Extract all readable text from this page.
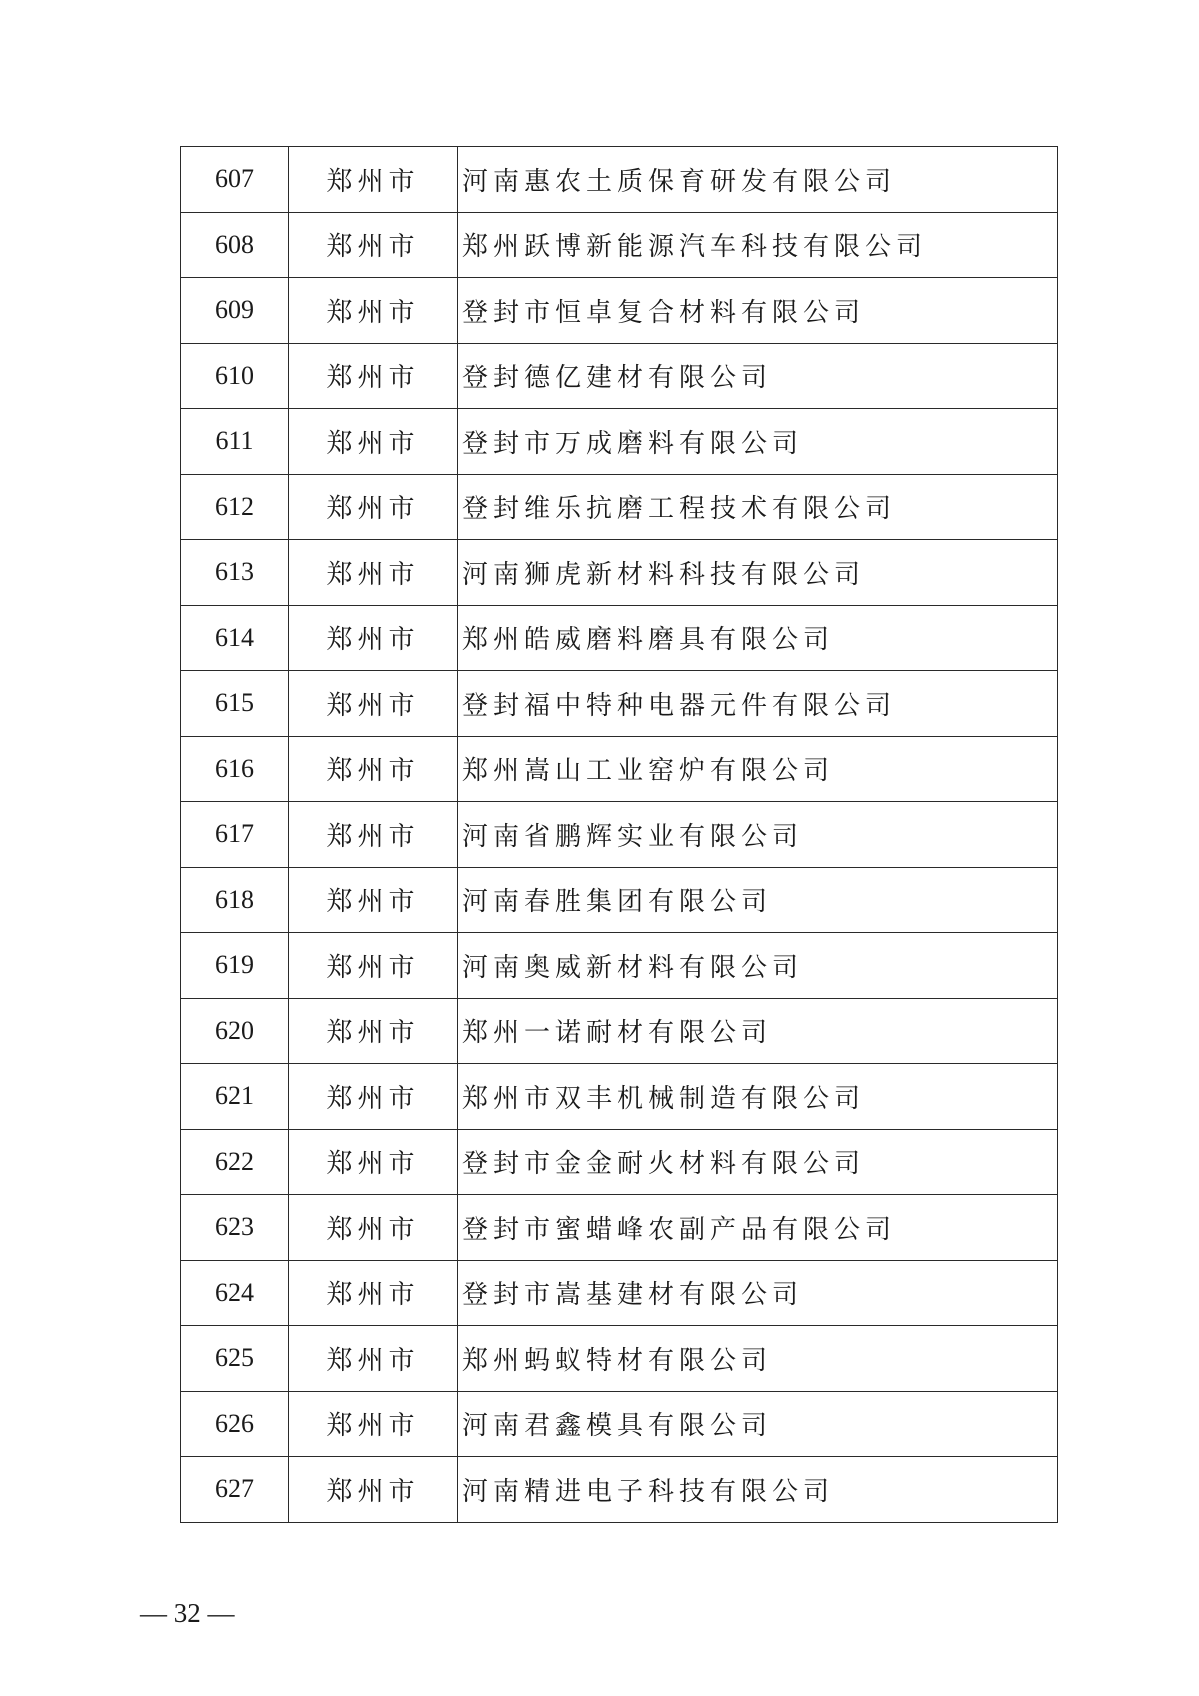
607	郑州市	河南惠农土质保育研发有限公司
608	郑州市	郑州跃博新能源汽车科技有限公司
609	郑州市	登封市恒卓复合材料有限公司
610	郑州市	登封德亿建材有限公司
611	郑州市	登封市万成磨料有限公司
612	郑州市	登封维乐抗磨工程技术有限公司
613	郑州市	河南狮虎新材料科技有限公司
614	郑州市	郑州皓威磨料磨具有限公司
615	郑州市	登封福中特种电器元件有限公司
616	郑州市	郑州嵩山工业窑炉有限公司
617	郑州市	河南省鹏辉实业有限公司
618	郑州市	河南春胜集团有限公司
619	郑州市	河南奥威新材料有限公司
620	郑州市	郑州一诺耐材有限公司
621	郑州市	郑州市双丰机械制造有限公司
622	郑州市	登封市金金耐火材料有限公司
623	郑州市	登封市蜜蜡峰农副产品有限公司
624	郑州市	登封市嵩基建材有限公司
625	郑州市	郑州蚂蚁特材有限公司
626	郑州市	河南君鑫模具有限公司
627	郑州市	河南精进电子科技有限公司
— 32 —
